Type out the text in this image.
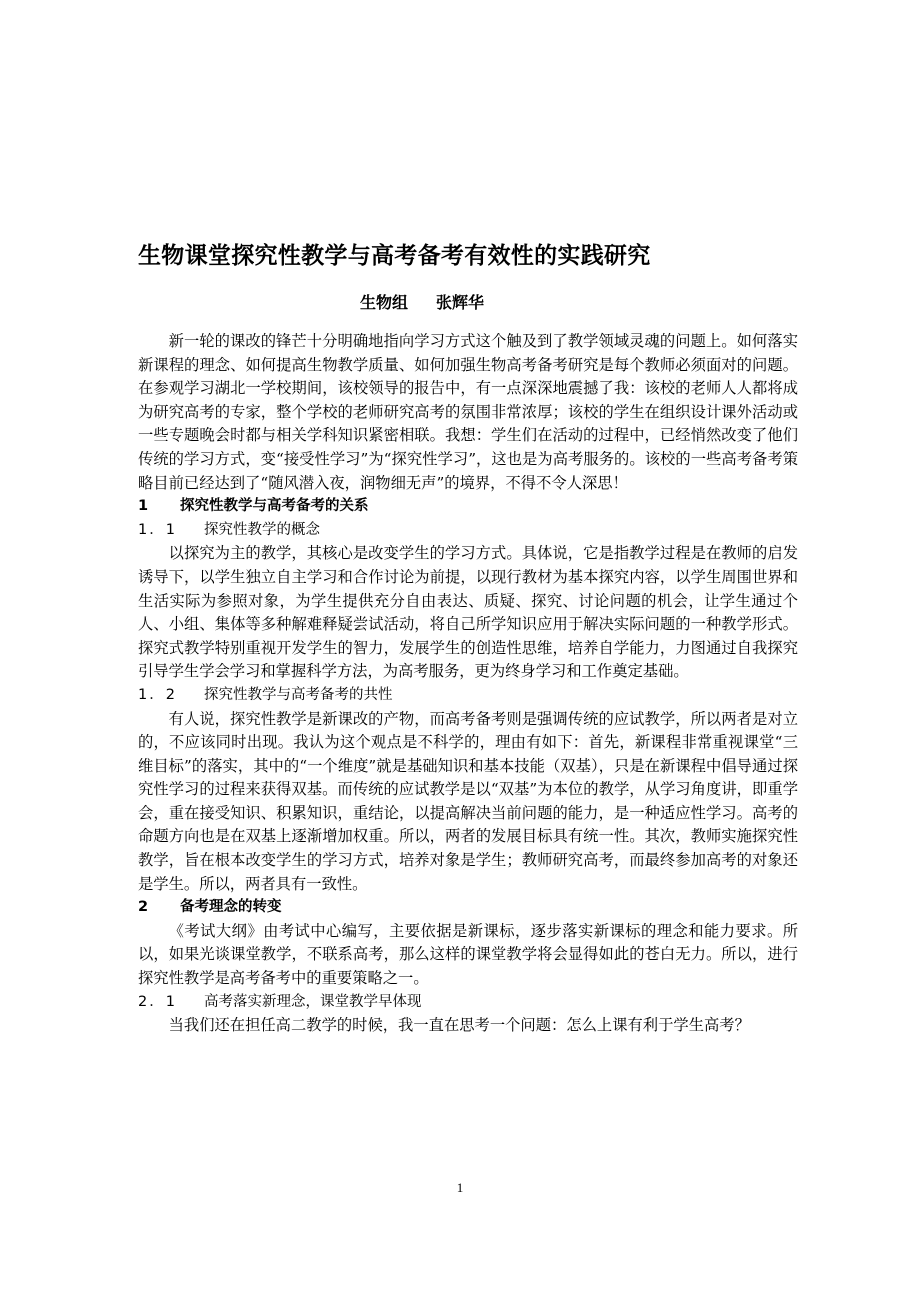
生物课堂探究性教学与高考备考有效性的实践研究
生物组 张辉华

新一轮的课改的锋芒十分明确地指向学习方式这个触及到了教学领域灵魂的问题上。如何落实新课程的理念、如何提高生物教学质量、如何加强生物高考备考研究是每个教师必须面对的问题。在参观学习湖北一学校期间，该校领导的报告中，有一点深深地震撼了我：该校的老师人人都将成为研究高考的专家，整个学校的老师研究高考的氛围非常浓厚；该校的学生在组织设计课外活动或一些专题晚会时都与相关学科知识紧密相联。我想：学生们在活动的过程中，已经悄然改变了他们传统的学习方式，变“接受性学习”为“探究性学习”，这也是为高考服务的。该校的一些高考备考策略目前已经达到了“随风潜入夜，润物细无声”的境界，不得不令人深思！

1 探究性教学与高考备考的关系
1．1 探究性教学的概念

以探究为主的教学，其核心是改变学生的学习方式。具体说，它是指教学过程是在教师的启发诱导下，以学生独立自主学习和合作讨论为前提，以现行教材为基本探究内容，以学生周围世界和生活实际为参照对象，为学生提供充分自由表达、质疑、探究、讨论问题的机会，让学生通过个人、小组、集体等多种解难释疑尝试活动，将自己所学知识应用于解决实际问题的一种教学形式。探究式教学特别重视开发学生的智力，发展学生的创造性思维，培养自学能力，力图通过自我探究引导学生学会学习和掌握科学方法，为高考服务，更为终身学习和工作奠定基础。

1．2 探究性教学与高考备考的共性

有人说，探究性教学是新课改的产物，而高考备考则是强调传统的应试教学，所以两者是对立的，不应该同时出现。我认为这个观点是不科学的，理由有如下：首先，新课程非常重视课堂“三维目标”的落实，其中的“一个维度”就是基础知识和基本技能（双基），只是在新课程中倡导通过探究性学习的过程来获得双基。而传统的应试教学是以“双基”为本位的教学，从学习角度讲，即重学会，重在接受知识、积累知识，重结论，以提高解决当前问题的能力，是一种适应性学习。高考的命题方向也是在双基上逐渐增加权重。所以，两者的发展目标具有统一性。其次，教师实施探究性教学，旨在根本改变学生的学习方式，培养对象是学生；教师研究高考，而最终参加高考的对象还是学生。所以，两者具有一致性。

2 备考理念的转变

《考试大纲》由考试中心编写，主要依据是新课标，逐步落实新课标的理念和能力要求。所以，如果光谈课堂教学，不联系高考，那么这样的课堂教学将会显得如此的苍白无力。所以，进行探究性教学是高考备考中的重要策略之一。

2．1 高考落实新理念，课堂教学早体现

当我们还在担任高二教学的时候，我一直在思考一个问题：怎么上课有利于学生高考？

1
